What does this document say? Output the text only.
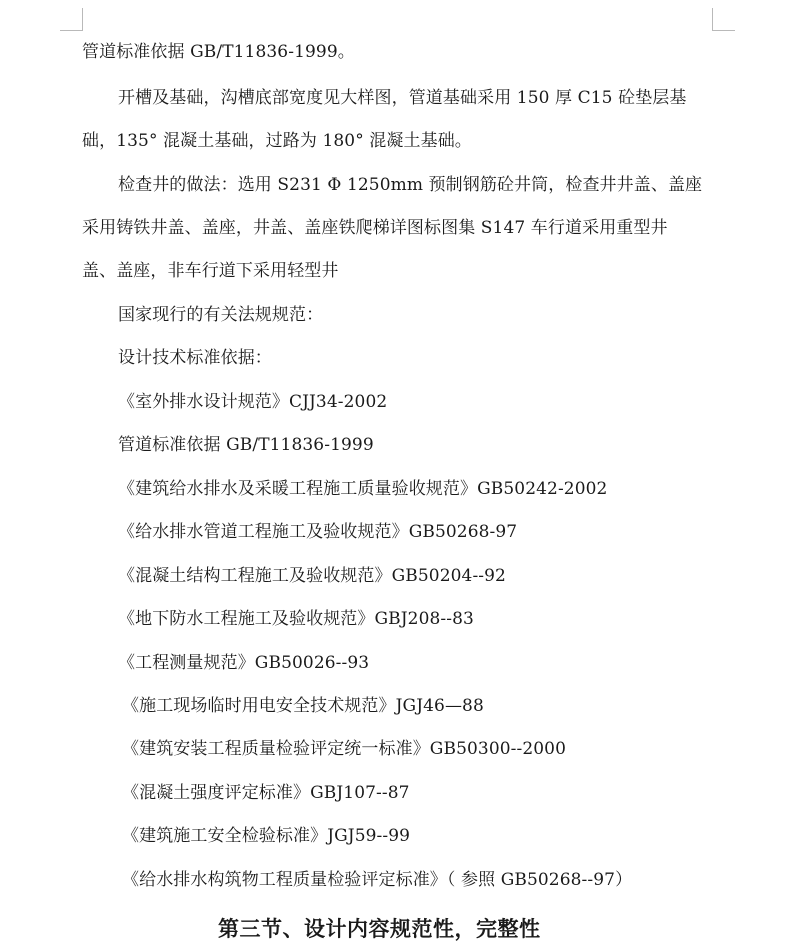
管道标准依据 GB/T11836-1999。
开槽及基础，沟槽底部宽度见大样图，管道基础采用 150 厚 C15 砼垫层基
础，135° 混凝土基础，过路为 180° 混凝土基础。
检查井的做法：选用 S231 Φ 1250mm 预制钢筋砼井筒，检查井井盖、盖座
采用铸铁井盖、盖座，井盖、盖座铁爬梯详图标图集 S147 车行道采用重型井
盖、盖座，非车行道下采用轻型井
国家现行的有关法规规范：
设计技术标准依据：
《室外排水设计规范》CJJ34-2002
管道标准依据 GB/T11836-1999
《建筑给水排水及采暖工程施工质量验收规范》GB50242-2002
《给水排水管道工程施工及验收规范》GB50268-97
《混凝土结构工程施工及验收规范》GB50204--92
《地下防水工程施工及验收规范》GBJ208--83
《工程测量规范》GB50026--93
《施工现场临时用电安全技术规范》JGJ46—88
《建筑安装工程质量检验评定统一标准》GB50300--2000
《混凝土强度评定标准》GBJ107--87
《建筑施工安全检验标准》JGJ59--99
《给水排水构筑物工程质量检验评定标准》（ 参照 GB50268--97）
第三节、设计内容规范性，完整性
